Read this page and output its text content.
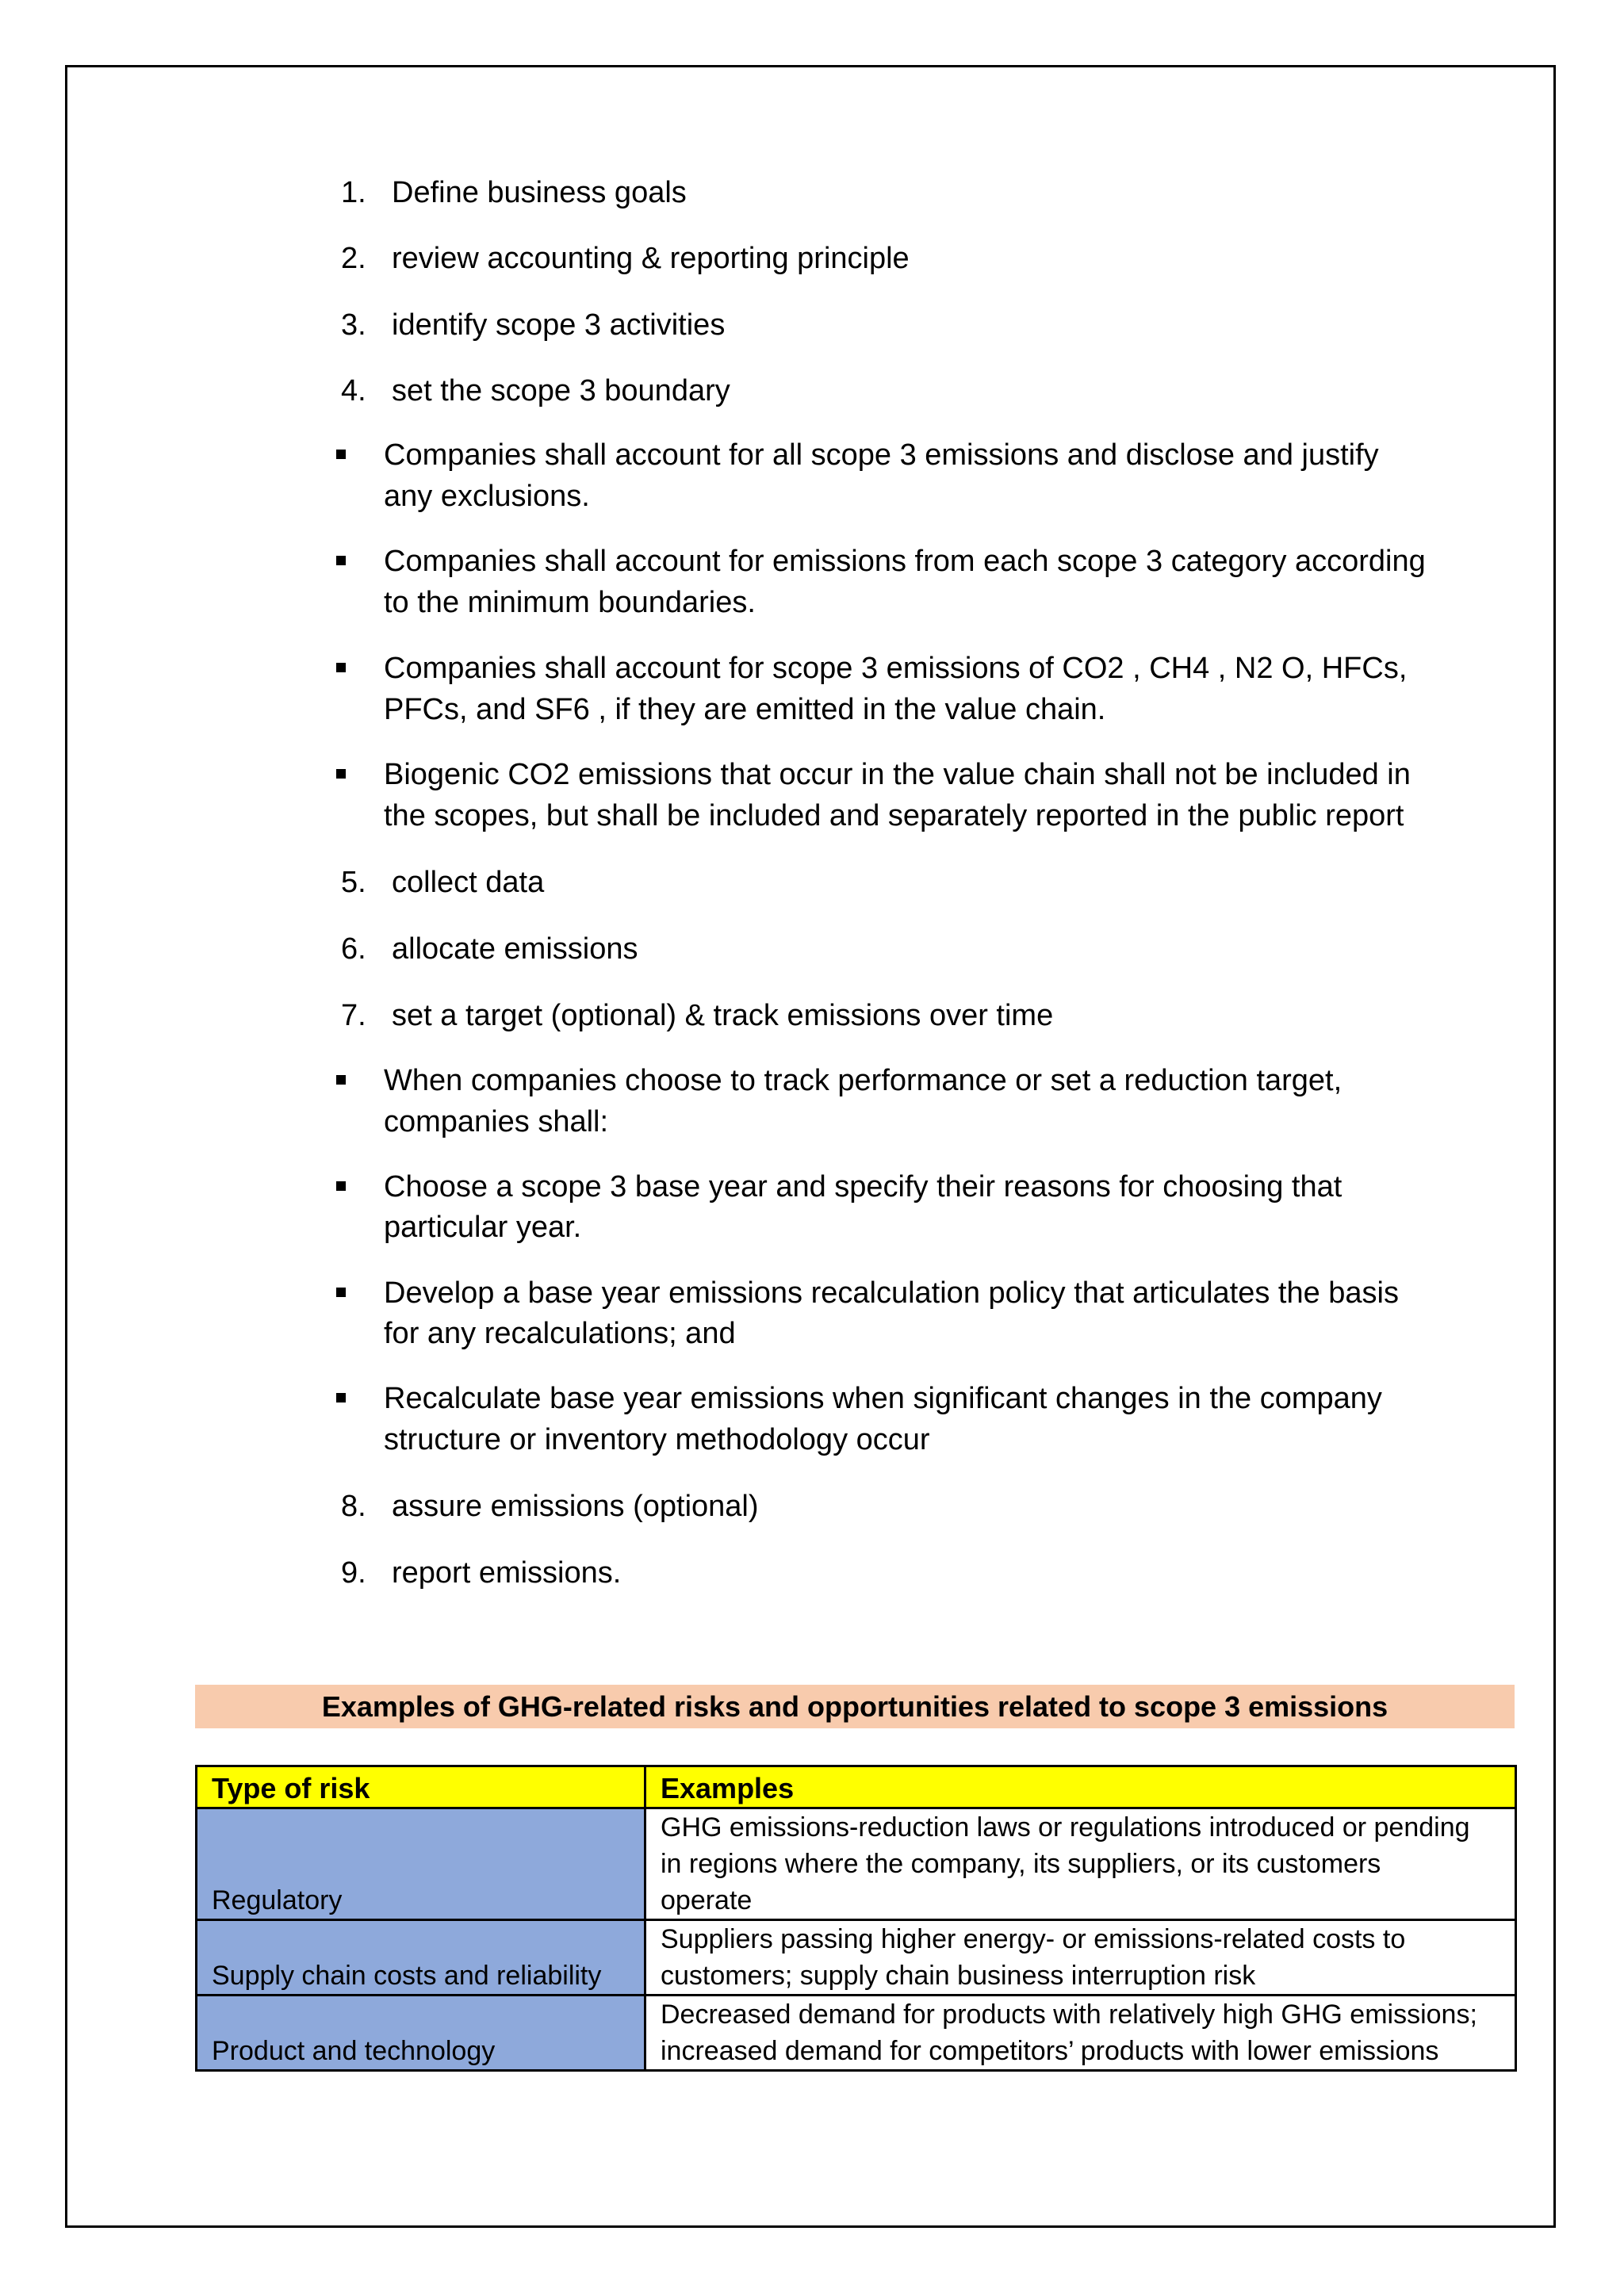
1. Define business goals
2. review accounting & reporting principle
3. identify scope 3 activities
4. set the scope 3 boundary
Companies shall account for all scope 3 emissions and disclose and justify
any exclusions.
Companies shall account for emissions from each scope 3 category according
to the minimum boundaries.
Companies shall account for scope 3 emissions of CO2 , CH4 , N2 O, HFCs,
PFCs, and SF6 , if they are emitted in the value chain.
Biogenic CO2 emissions that occur in the value chain shall not be included in
the scopes, but shall be included and separately reported in the public report
5. collect data
6. allocate emissions
7. set a target (optional) & track emissions over time
When companies choose to track performance or set a reduction target,
companies shall:
Choose a scope 3 base year and specify their reasons for choosing that
particular year.
Develop a base year emissions recalculation policy that articulates the basis
for any recalculations; and
Recalculate base year emissions when significant changes in the company
structure or inventory methodology occur
8. assure emissions (optional)
9. report emissions.
Examples of GHG-related risks and opportunities related to scope 3 emissions
Type of risk	Examples
Regulatory	GHG emissions-reduction laws or regulations introduced or pending
in regions where the company, its suppliers, or its customers
operate

Supply chain costs and reliability	Suppliers passing higher energy- or emissions-related costs to
customers; supply chain business interruption risk

Product and technology	Decreased demand for products with relatively high GHG emissions;
increased demand for competitors’ products with lower emissions
